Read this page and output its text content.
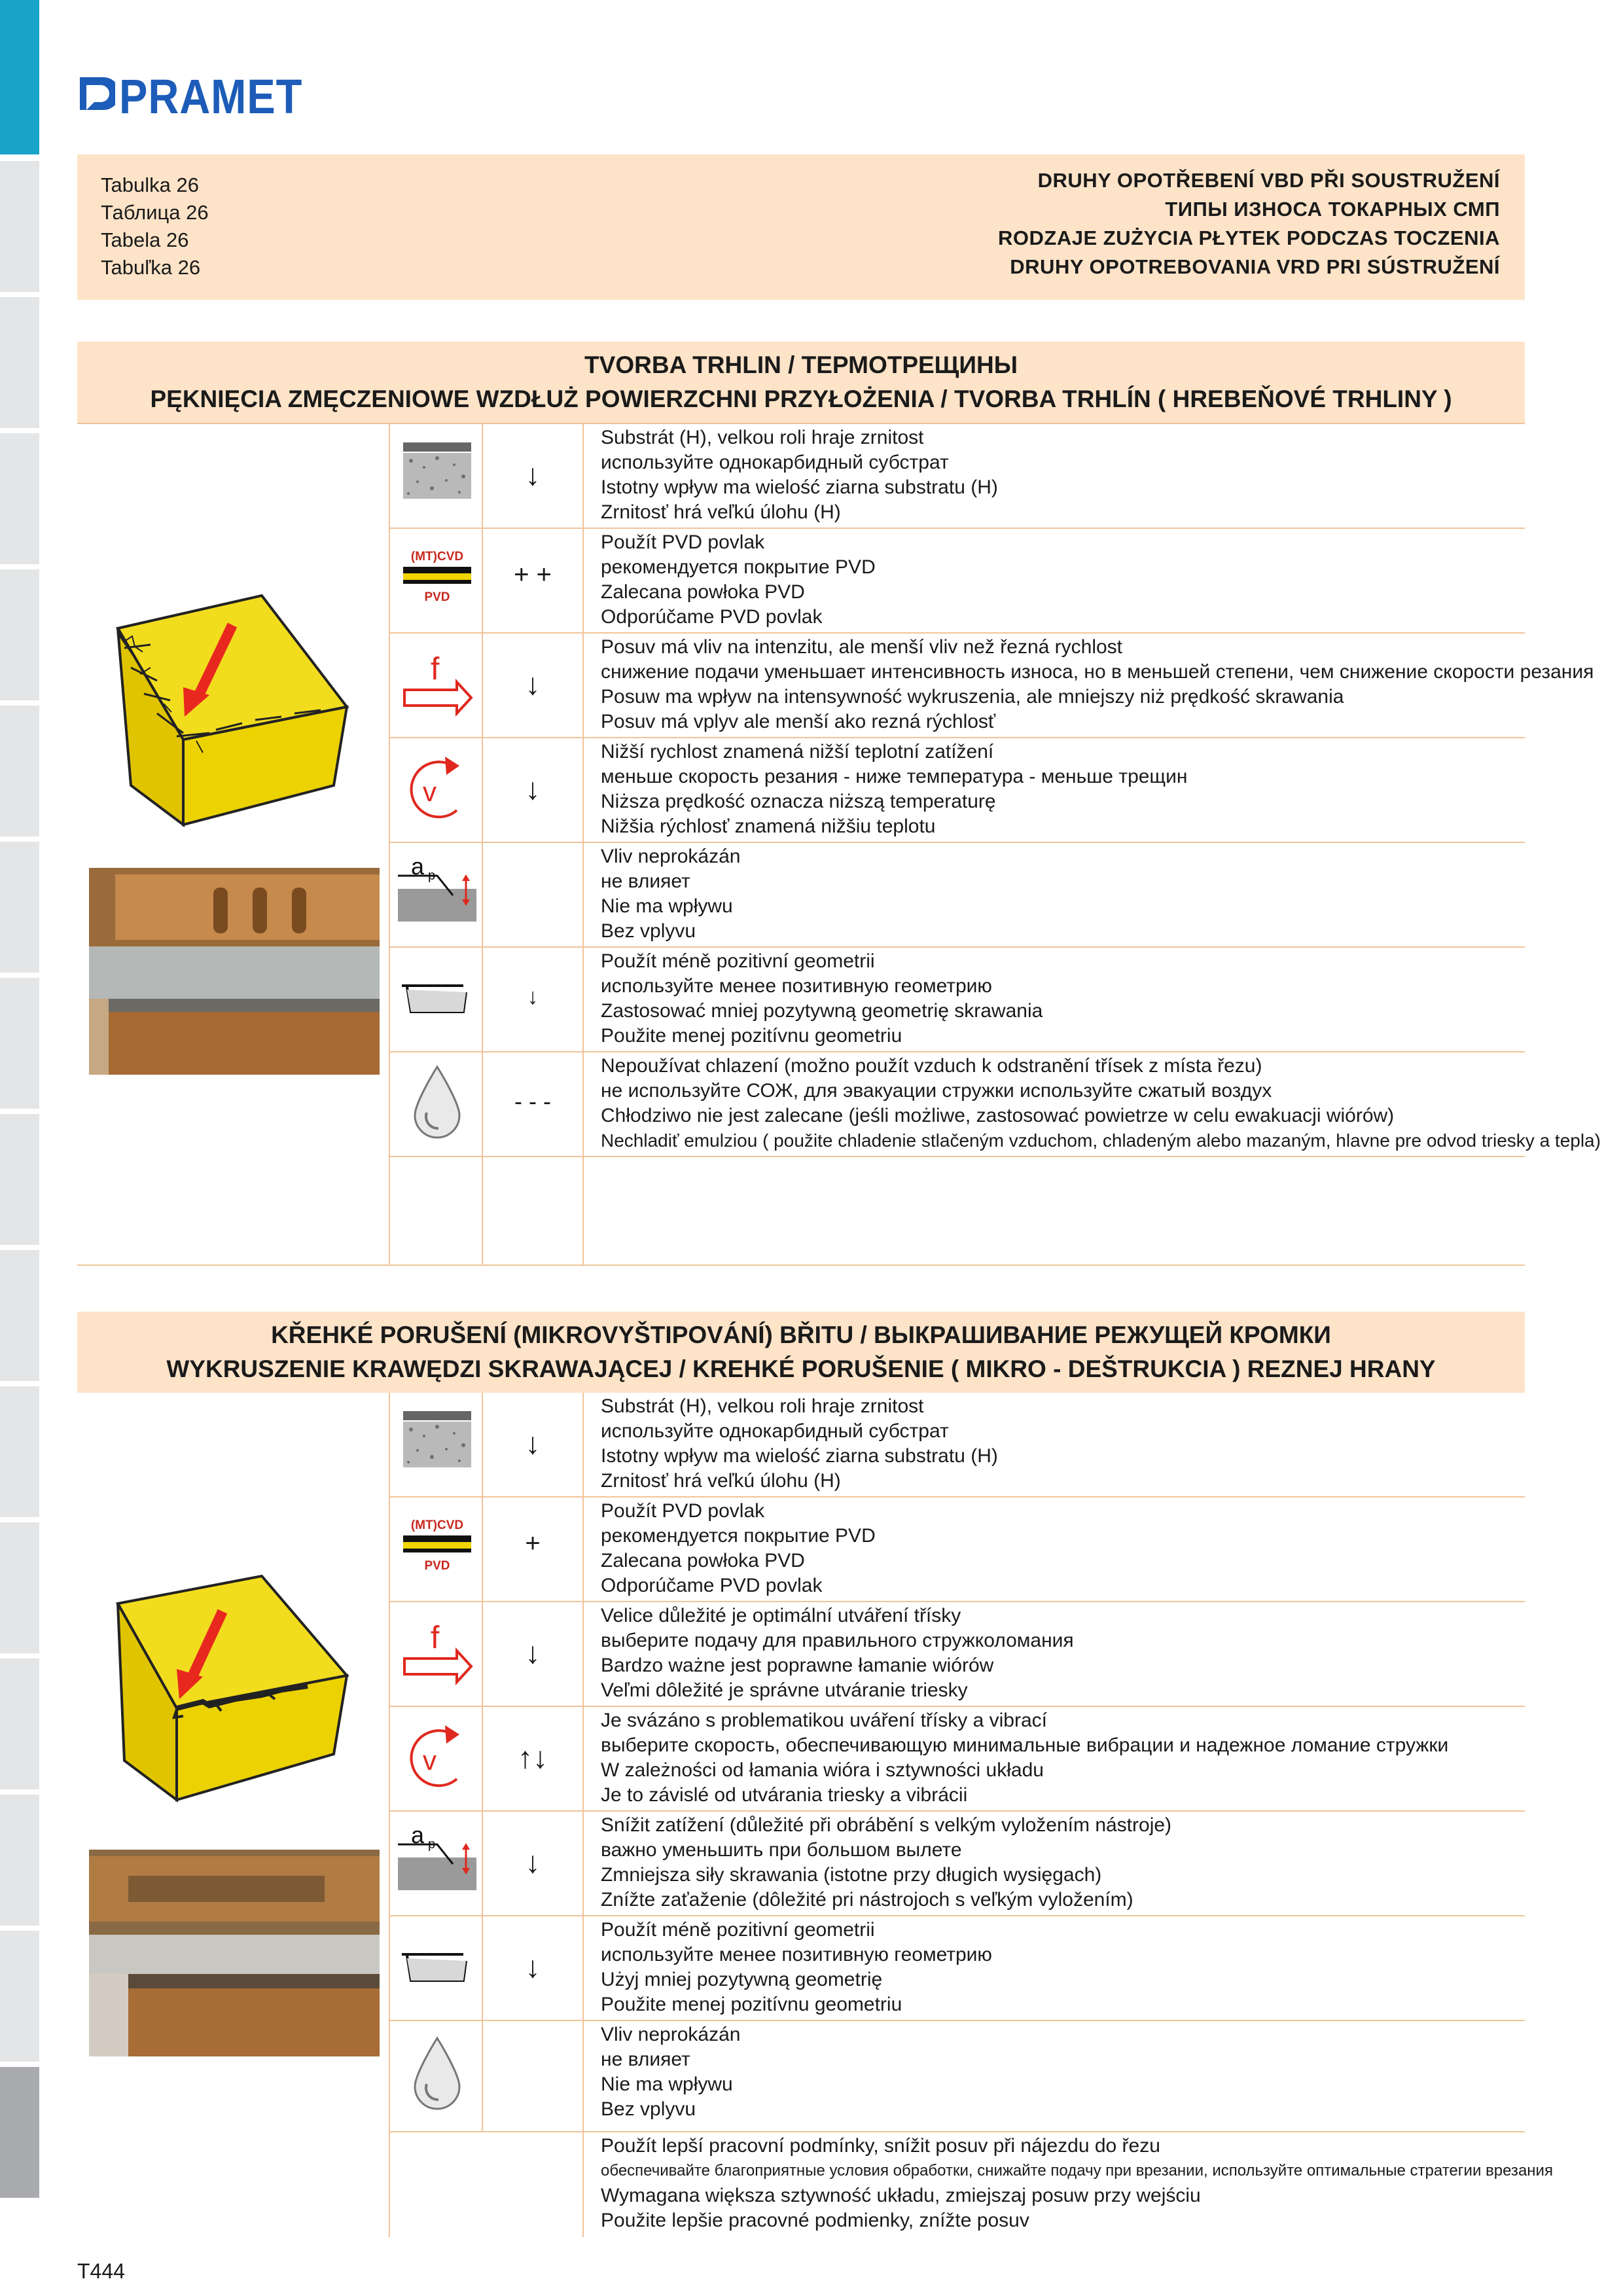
PRAMET
Tabulka 26
Таблица 26
Tabela 26
Tabuľka 26
DRUHY OPOTŘEBENÍ VBD PŘI SOUSTRUŽENÍ
ТИПЫ ИЗНОСА ТОКАРНЫХ СМП
RODZAJE ZUŻYCIA PŁYTEK PODCZAS TOCZENIA
DRUHY OPOTREBOVANIA VRD PRI SÚSTRUŽENÍ
TVORBA TRHLIN / ТЕРМОТРЕЩИНЫ
PĘKNIĘCIA ZMĘCZENIOWE WZDŁUŻ POWIERZCHNI PRZYŁOŻENIA / TVORBA TRHLÍN ( HREBEŇOVÉ TRHLINY )
(MT)CVD
PVD
f
v
a p
↓
+ +
↓
↓
↓
- - -
Substrát (H), velkou roli hraje zrnitost
используйте однокарбидный субстрат
Istotny wpływ ma wielość ziarna substratu (H)
Zrnitosť hrá veľkú úlohu (H)
Použít PVD povlak
рекомендуется покрытие PVD
Zalecana powłoka PVD
Odporúčame PVD povlak
Posuv má vliv na intenzitu, ale menší vliv než řezná rychlost
снижение подачи уменьшает интенсивность износа, но в меньшей степени, чем снижение скорости резания
Posuw ma wpływ na intensywność wykruszenia, ale mniejszy niż prędkość skrawania
Posuv má vplyv ale menší ako rezná rýchlosť
Nižší rychlost znamená nižší teplotní zatížení
меньше скорость резания - ниже температура - меньше трещин
Niższa prędkość oznacza niższą temperaturę
Nižšia rýchlosť znamená nižšiu teplotu
Vliv neprokázán
не влияет
Nie ma wpływu
Bez vplyvu
Použít méně pozitivní geometrii
используйте менее позитивную геометрию
Zastosować mniej pozytywną geometrię skrawania
Použite menej pozitívnu geometriu
Nepoužívat chlazení (možno použít vzduch k odstranění třísek z místa řezu)
не используйте СОЖ, для эвакуации стружки используйте сжатый воздух
Chłodziwo nie jest zalecane (jeśli możliwe, zastosować powietrze w celu ewakuacji wiórów)
Nechladiť emulziou ( použite chladenie stlačeným vzduchom, chladeným alebo mazaným, hlavne pre odvod triesky a tepla)
KŘEHKÉ PORUŠENÍ (MIKROVYŠTIPOVÁNÍ) BŘITU / ВЫКРАШИВАНИЕ РЕЖУЩЕЙ КРОМКИ
WYKRUSZENIE KRAWĘDZI SKRAWAJĄCEJ / KREHKÉ PORUŠENIE ( MIKRO - DEŠTRUKCIA ) REZNEJ HRANY
(MT)CVD
PVD
f
v
a p
↓
+
↓
↑↓
↓
↓
Substrát (H), velkou roli hraje zrnitost
используйте однокарбидный субстрат
Istotny wpływ ma wielość ziarna substratu (H)
Zrnitosť hrá veľkú úlohu (H)
Použít PVD povlak
рекомендуется покрытие PVD
Zalecana powłoka PVD
Odporúčame PVD povlak
Velice důležité je optimální utváření třísky
выберите подачу для правильного стружколомания
Bardzo ważne jest poprawne łamanie wiórów
Veľmi dôležité je správne utváranie triesky
Je svázáno s problematikou uváření třísky a vibrací
выберите скорость, обеспечивающую минимальные вибрации и надежное ломание стружки
W zależności od łamania wióra i sztywności układu
Je to závislé od utvárania triesky a vibrácii
Snížit zatížení (důležité při obrábění s velkým vyložením nástroje)
важно уменьшить при большом вылете
Zmniejsza siły skrawania (istotne przy długich wysięgach)
Znížte zaťaženie (dôležité pri nástrojoch s veľkým vyložením)
Použít méně pozitivní geometrii
используйте менее позитивную геометрию
Użyj mniej pozytywną geometrię
Použite menej pozitívnu geometriu
Vliv neprokázán
не влияет
Nie ma wpływu
Bez vplyvu
Použít lepší pracovní podmínky, snížit posuv při nájezdu do řezu
обеспечивайте благоприятные условия обработки, снижайте подачу при врезании, используйте оптимальные стратегии врезания
Wymagana większa sztywność układu, zmiejszaj posuw przy wejściu
Použite lepšie pracovné podmienky, znížte posuv
T444
